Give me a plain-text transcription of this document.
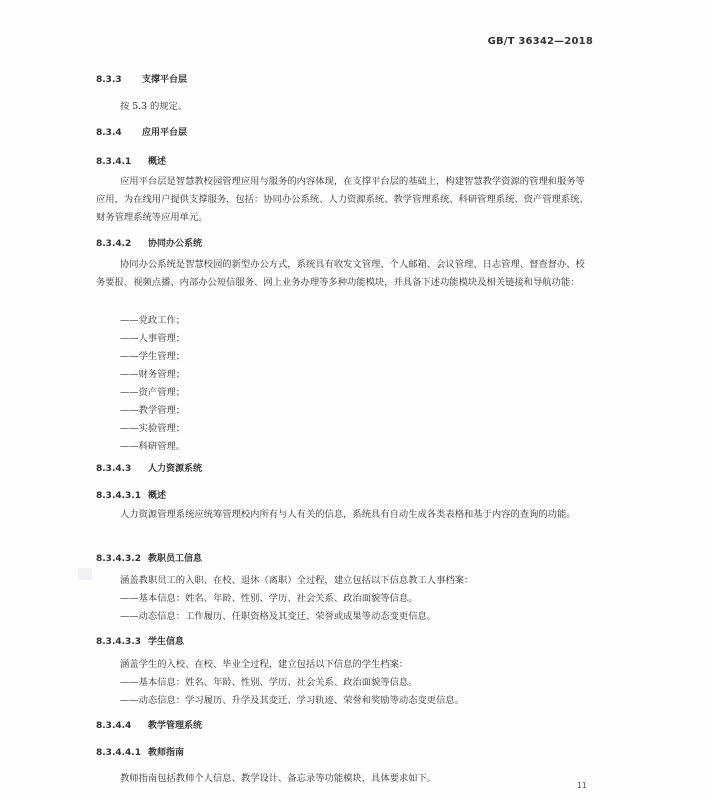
GB/T 36342—2018
8.3.3 支撑平台层
按 5.3 的规定。
8.3.4 应用平台层
8.3.4.1 概述
应用平台层是智慧教校园管理应用与服务的内容体现，在支撑平台层的基础上，构建智慧教学资源的管理和服务等应用，为在线用户提供支撑服务，包括：协同办公系统、人力资源系统、教学管理系统、科研管理系统、资产管理系统、财务管理系统等应用单元。
8.3.4.2 协同办公系统
协同办公系统是智慧校园的新型办公方式，系统具有收发文管理、个人邮箱、会议管理、日志管理、督查督办、校务要报、视频点播、内部办公短信服务、网上业务办理等多种功能模块，并具备下述功能模块及相关链接和导航功能：
——党政工作；
——人事管理；
——学生管理；
——财务管理；
——资产管理；
——教学管理；
——实验管理；
——科研管理。
8.3.4.3 人力资源系统
8.3.4.3.1 概述
人力资源管理系统应统筹管理校内所有与人有关的信息，系统具有自动生成各类表格和基于内容的查询的功能。
8.3.4.3.2 教职员工信息
涵盖教职员工的入职、在校、退休（离职）全过程，建立包括以下信息教工人事档案：
——基本信息：姓名、年龄、性别、学历、社会关系、政治面貌等信息。
——动态信息：工作履历、任职资格及其变迁、荣誉或成果等动态变更信息。
8.3.4.3.3 学生信息
涵盖学生的入校、在校、毕业全过程，建立包括以下信息的学生档案：
——基本信息：姓名、年龄、性别、学历、社会关系、政治面貌等信息。
——动态信息：学习履历、升学及其变迁、学习轨迹、荣誉和奖励等动态变更信息。
8.3.4.4 教学管理系统
8.3.4.4.1 教师指南
教师指南包括教师个人信息、教学设计、备忘录等功能模块，具体要求如下。
11
